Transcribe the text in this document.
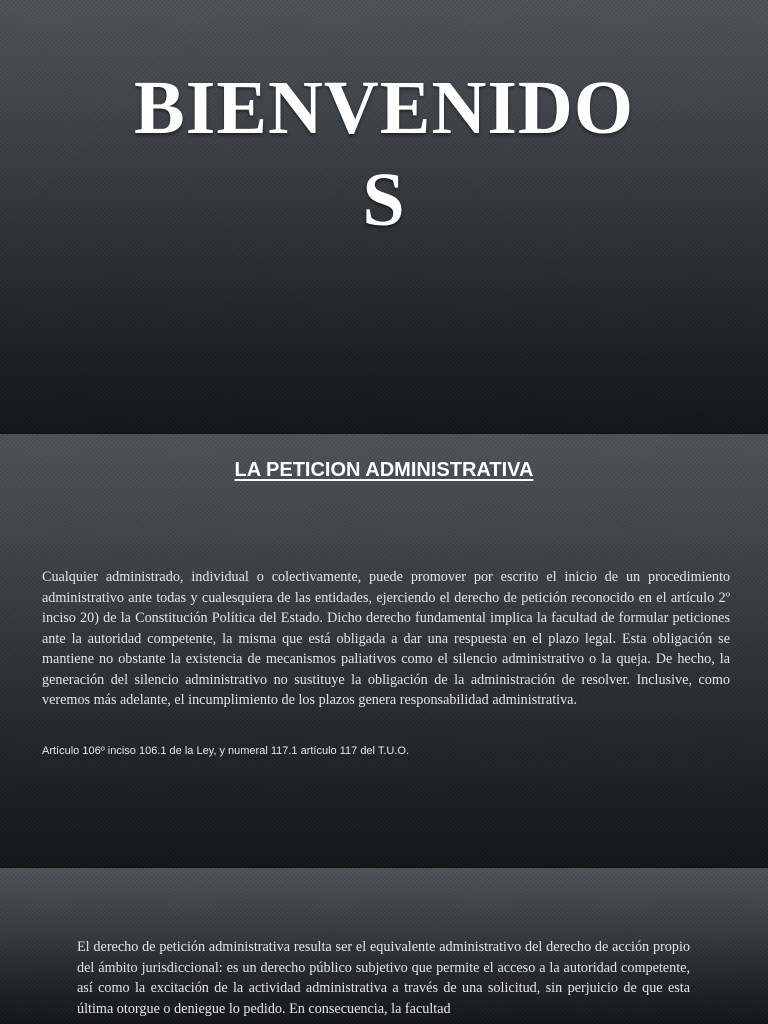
BIENVENIDOS
LA PETICION ADMINISTRATIVA

Cualquier administrado, individual o colectivamente, puede promover por escrito el inicio de un procedimiento administrativo ante todas y cualesquiera de las entidades, ejerciendo el derecho de petición reconocido en el artículo 2º inciso 20) de la Constitución Política del Estado. Dicho derecho fundamental implica la facultad de formular peticiones ante la autoridad competente, la misma que está obligada a dar una respuesta en el plazo legal. Esta obligación se mantiene no obstante la existencia de mecanismos paliativos como el silencio administrativo o la queja. De hecho, la generación del silencio administrativo no sustituye la obligación de la administración de resolver. Inclusive, como veremos más adelante, el incumplimiento de los plazos genera responsabilidad administrativa.

Artículo 106º inciso 106.1 de la Ley, y numeral 117.1 artículo 117 del T.U.O.

El derecho de petición administrativa resulta ser el equivalente administrativo del derecho de acción propio del ámbito jurisdiccional: es un derecho público subjetivo que permite el acceso a la autoridad competente, así como la excitación de la actividad administrativa a través de una solicitud, sin perjuicio de que esta última otorgue o deniegue lo pedido. En consecuencia, la facultad
